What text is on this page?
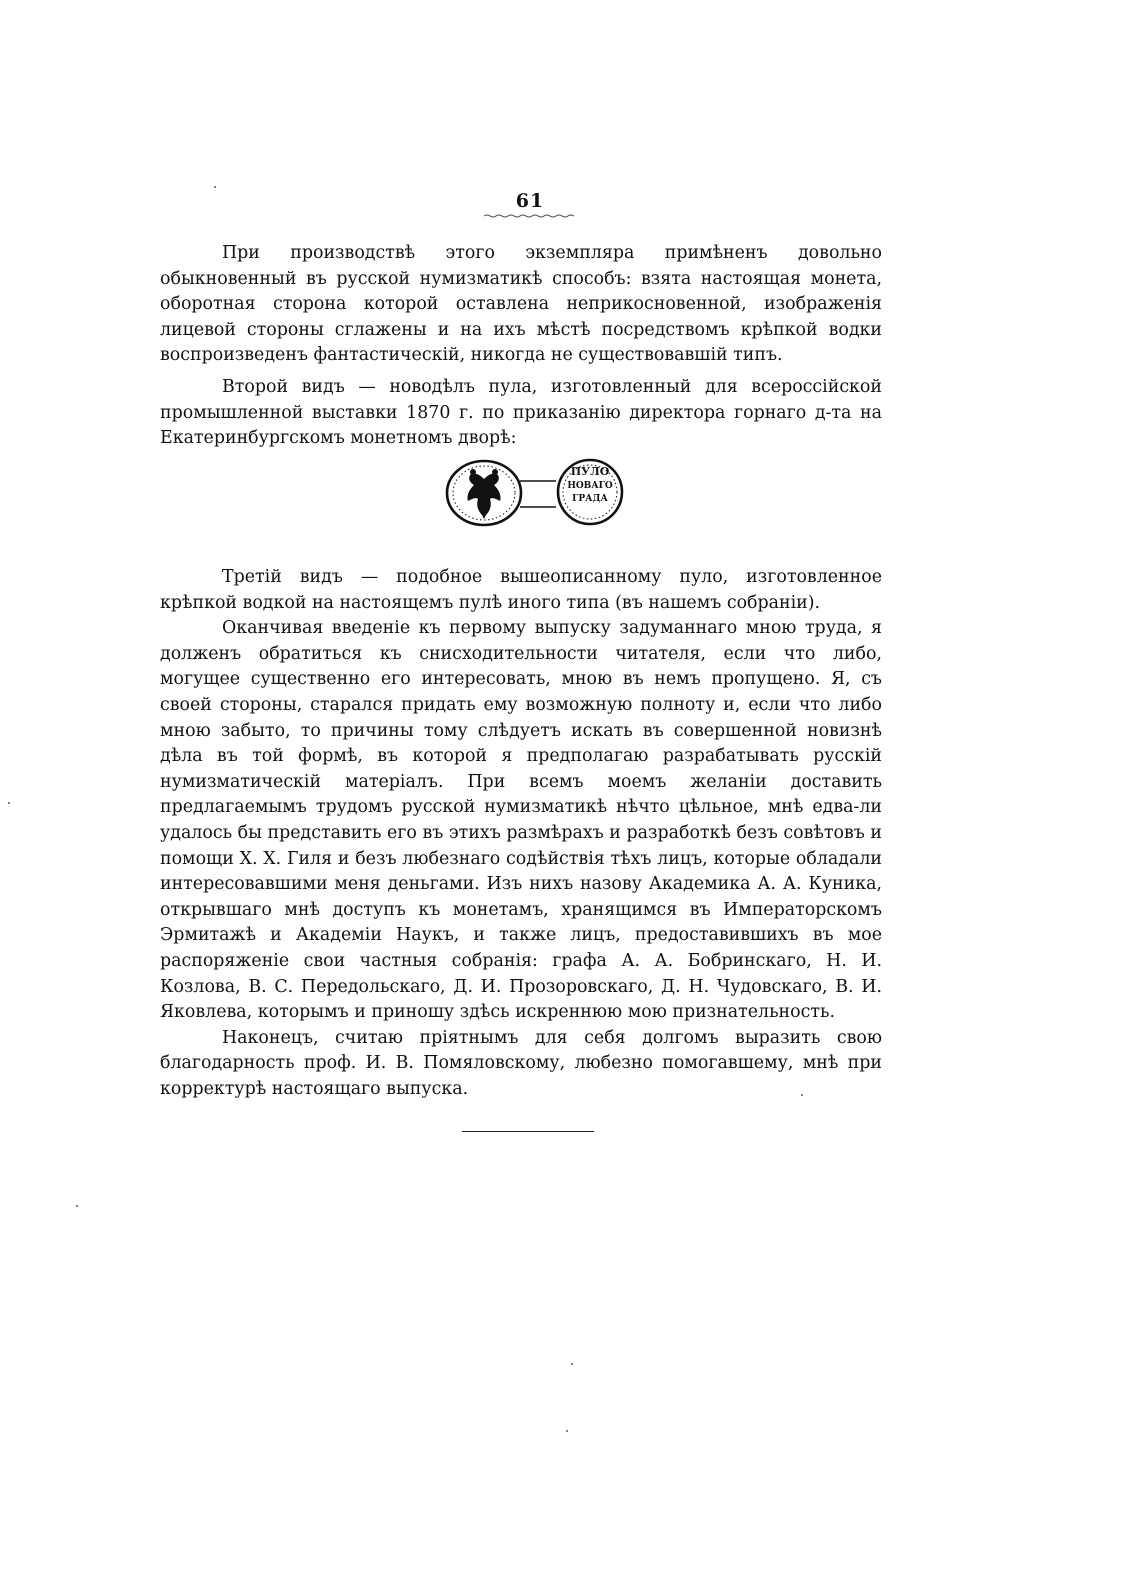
61

При производствѣ этого экземпляра примѣненъ довольно обыкновенный въ русской нумизматикѣ способъ: взята настоящая монета, оборотная сторона которой оставлена неприкосновенной, изображенія лицевой стороны сглажены и на ихъ мѣстѣ посредствомъ крѣпкой водки воспроизведенъ фантастическій, никогда не существовавшій типъ.

Второй видъ — новодѣлъ пула, изготовленный для всероссійской промышленной выставки 1870 г. по приказанію директора горнаго д-та на Екатеринбургскомъ монетномъ дворѣ:

ПУЛО
НОВАГО
ГРАДА

Третій видъ — подобное вышеописанному пуло, изготовленное крѣпкой водкой на настоящемъ пулѣ иного типа (въ нашемъ собраніи).

Оканчивая введеніе къ первому выпуску задуманнаго мною труда, я долженъ обратиться къ снисходительности читателя, если что либо, могущее существенно его интересовать, мною въ немъ пропущено. Я, съ своей стороны, старался придать ему возможную полноту и, если что либо мною забыто, то причины тому слѣдуетъ искать въ совершенной новизнѣ дѣла въ той формѣ, въ которой я предполагаю разрабатывать русскій нумизматическій матеріалъ. При всемъ моемъ желаніи доставить предлагаемымъ трудомъ русской нумизматикѣ нѣчто цѣльное, мнѣ едва-ли удалось бы представить его въ этихъ размѣрахъ и разработкѣ безъ совѣтовъ и помощи Х. Х. Гиля и безъ любезнаго содѣйствія тѣхъ лицъ, которые обладали интересовавшими меня деньгами. Изъ нихъ назову Академика А. А. Куника, открывшаго мнѣ доступъ къ монетамъ, хранящимся въ Императорскомъ Эрмитажѣ и Академіи Наукъ, и также лицъ, предоставившихъ въ мое распоряженіе свои частныя собранія: графа А. А. Бобринскаго, Н. И. Козлова, В. С. Передольскаго, Д. И. Прозоровскаго, Д. Н. Чудовскаго, В. И. Яковлева, которымъ и приношу здѣсь искреннюю мою признательность.

Наконецъ, считаю пріятнымъ для себя долгомъ выразить свою благодарность проф. И. В. Помяловскому, любезно помогавшему, мнѣ при корректурѣ настоящаго выпуска.
